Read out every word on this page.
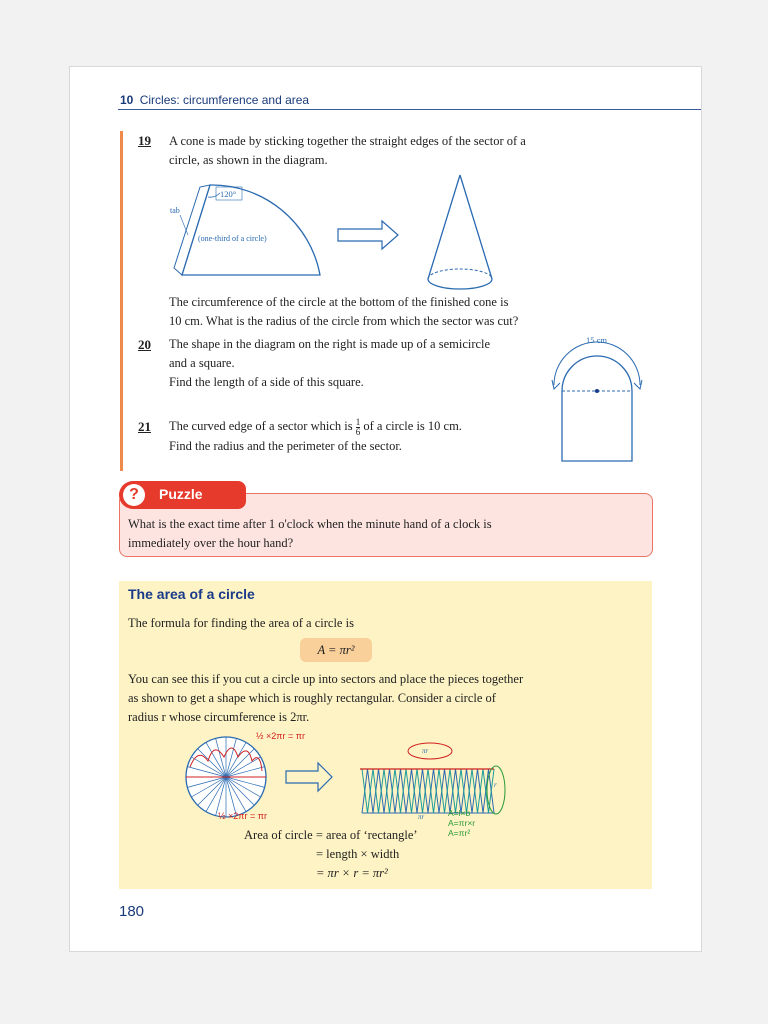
10 Circles: circumference and area
19 A cone is made by sticking together the straight edges of the sector of a
circle, as shown in the diagram.
tab
120°
(one-third of a circle)
The circumference of the circle at the bottom of the finished cone is
10 cm. What is the radius of the circle from which the sector was cut?
20 The shape in the diagram on the right is made up of a semicircle
and a square.
Find the length of a side of this square.
15 cm
21 The curved edge of a sector which is $\frac{1}{6}$ of a circle is 10 cm.
Find the radius and the perimeter of the sector.
?	Puzzle
What is the exact time after 1 o'clock when the minute hand of a clock is
immediately over the hour hand?
The area of a circle
The formula for finding the area of a circle is
A = πr²
You can see this if you cut a circle up into sectors and place the pieces together
as shown to get a shape which is roughly rectangular. Consider a circle of
radius r whose circumference is 2πr.
½ ×2πr = πr
πr
r
πr
½ ×2πr = πr	A=l×b
A=πr×r
A=πr²
Area of circle = area of ‘rectangle’
= length × width
= πr × r = πr²
180
